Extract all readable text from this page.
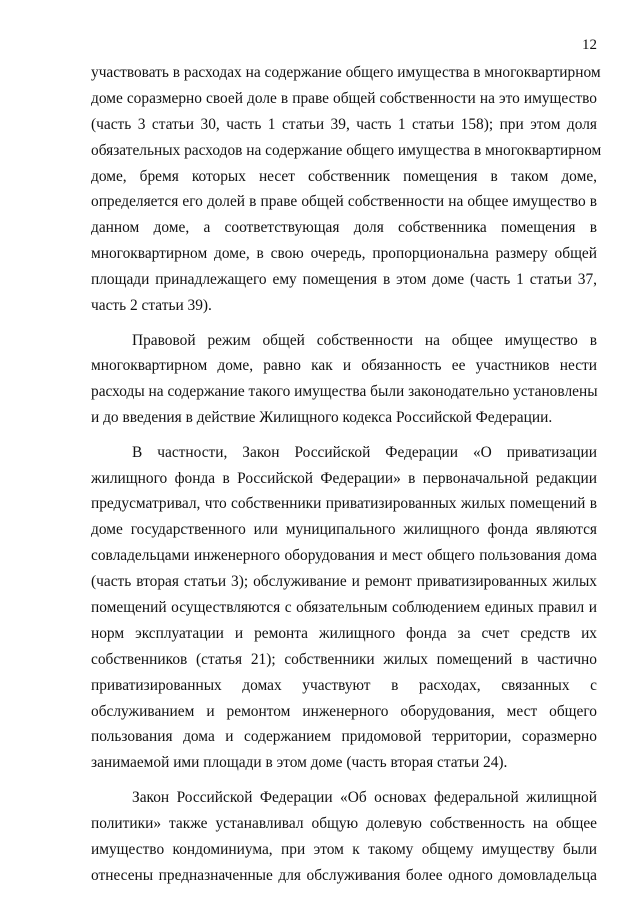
12
участвовать в расходах на содержание общего имущества в многоквартирном
доме соразмерно своей доле в праве общей собственности на это имущество
(часть 3 статьи 30, часть 1 статьи 39, часть 1 статьи 158); при этом доля
обязательных расходов на содержание общего имущества в многоквартирном
доме, бремя которых несет собственник помещения в таком доме,
определяется его долей в праве общей собственности на общее имущество в
данном доме, а соответствующая доля собственника помещения в
многоквартирном доме, в свою очередь, пропорциональна размеру общей
площади принадлежащего ему помещения в этом доме (часть 1 статьи 37,
часть 2 статьи 39).
Правовой режим общей собственности на общее имущество в
многоквартирном доме, равно как и обязанность ее участников нести
расходы на содержание такого имущества были законодательно установлены
и до введения в действие Жилищного кодекса Российской Федерации.
В частности, Закон Российской Федерации «О приватизации
жилищного фонда в Российской Федерации» в первоначальной редакции
предусматривал, что собственники приватизированных жилых помещений в
доме государственного или муниципального жилищного фонда являются
совладельцами инженерного оборудования и мест общего пользования дома
(часть вторая статьи 3); обслуживание и ремонт приватизированных жилых
помещений осуществляются с обязательным соблюдением единых правил и
норм эксплуатации и ремонта жилищного фонда за счет средств их
собственников (статья 21); собственники жилых помещений в частично
приватизированных домах участвуют в расходах, связанных с
обслуживанием и ремонтом инженерного оборудования, мест общего
пользования дома и содержанием придомовой территории, соразмерно
занимаемой ими площади в этом доме (часть вторая статьи 24).
Закон Российской Федерации «Об основах федеральной жилищной
политики» также устанавливал общую долевую собственность на общее
имущество кондоминиума, при этом к такому общему имуществу были
отнесены предназначенные для обслуживания более одного домовладельца
